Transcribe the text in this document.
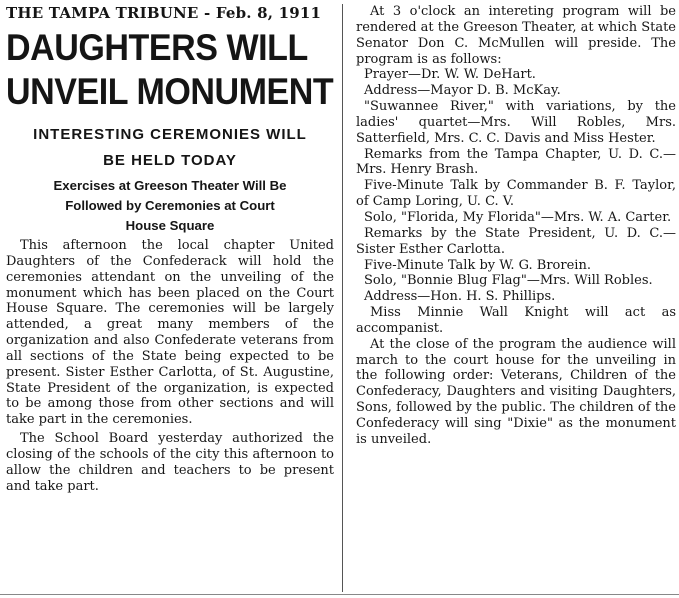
THE TAMPA TRIBUNE - Feb. 8, 1911
DAUGHTERS WILL
UNVEIL MONUMENT
INTERESTING CEREMONIES WILL
BE HELD TODAY
Exercises at Greeson Theater Will Be
Followed by Ceremonies at Court
House Square

This afternoon the local chapter United Daughters of the Confederack will hold the ceremonies attendant on the unveiling of the monument which has been placed on the Court House Square. The ceremonies will be largely attended, a great many members of the organization and also Confederate veterans from all sections of the State being expected to be present. Sister Esther Carlotta, of St. Augustine, State President of the organization, is expected to be among those from other sections and will take part in the ceremonies.

The School Board yesterday authorized the closing of the schools of the city this afternoon to allow the children and teachers to be present and take part.

At 3 o'clock an intereting program will be rendered at the Greeson Theater, at which State Senator Don C. McMullen will preside. The program is as follows:

Prayer—Dr. W. W. DeHart.

Address—Mayor D. B. McKay.

"Suwannee River," with variations, by the ladies' quartet—Mrs. Will Robles, Mrs. Satterfield, Mrs. C. C. Davis and Miss Hester.

Remarks from the Tampa Chapter, U. D. C.—Mrs. Henry Brash.

Five-Minute Talk by Commander B. F. Taylor, of Camp Loring, U. C. V.

Solo, "Florida, My Florida"—Mrs. W. A. Carter.

Remarks by the State President, U. D. C.—Sister Esther Carlotta.

Five-Minute Talk by W. G. Brorein.

Solo, "Bonnie Blug Flag"—Mrs. Will Robles.

Address—Hon. H. S. Phillips.

Miss Minnie Wall Knight will act as accompanist.

At the close of the program the audience will march to the court house for the unveiling in the following order: Veterans, Children of the Confederacy, Daughters and visiting Daughters, Sons, followed by the public. The children of the Confederacy will sing "Dixie" as the monument is unveiled.
